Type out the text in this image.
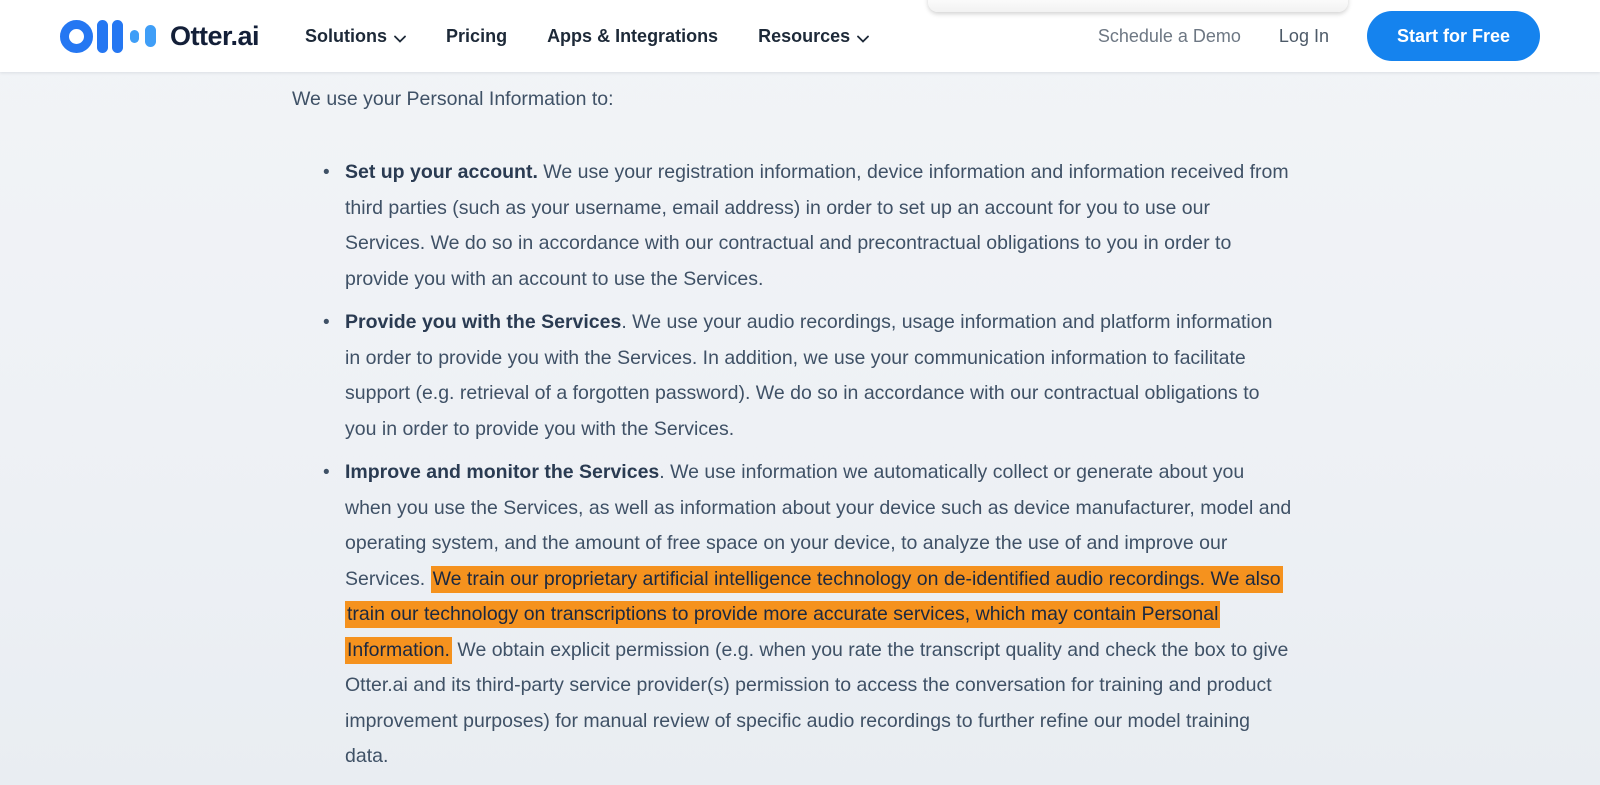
Otter.ai	Solutions	Pricing Apps & Integrations Resources	Schedule a Demo Log In	Start for Free

We use your Personal Information to:

• Set up your account. We use your registration information, device information and information received from third parties (such as your username, email address) in order to set up an account for you to use our Services. We do so in accordance with our contractual and precontractual obligations to you in order to provide you with an account to use the Services.
• Provide you with the Services. We use your audio recordings, usage information and platform information in order to provide you with the Services. In addition, we use your communication information to facilitate support (e.g. retrieval of a forgotten password). We do so in accordance with our contractual obligations to you in order to provide you with the Services.
• Improve and monitor the Services. We use information we automatically collect or generate about you when you use the Services, as well as information about your device such as device manufacturer, model and operating system, and the amount of free space on your device, to analyze the use of and improve our Services. We train our proprietary artificial intelligence technology on de-identified audio recordings. We also train our technology on transcriptions to provide more accurate services, which may contain Personal Information. We obtain explicit permission (e.g. when you rate the transcript quality and check the box to give Otter.ai and its third-party service provider(s) permission to access the conversation for training and product improvement purposes) for manual review of specific audio recordings to further refine our model training data.
